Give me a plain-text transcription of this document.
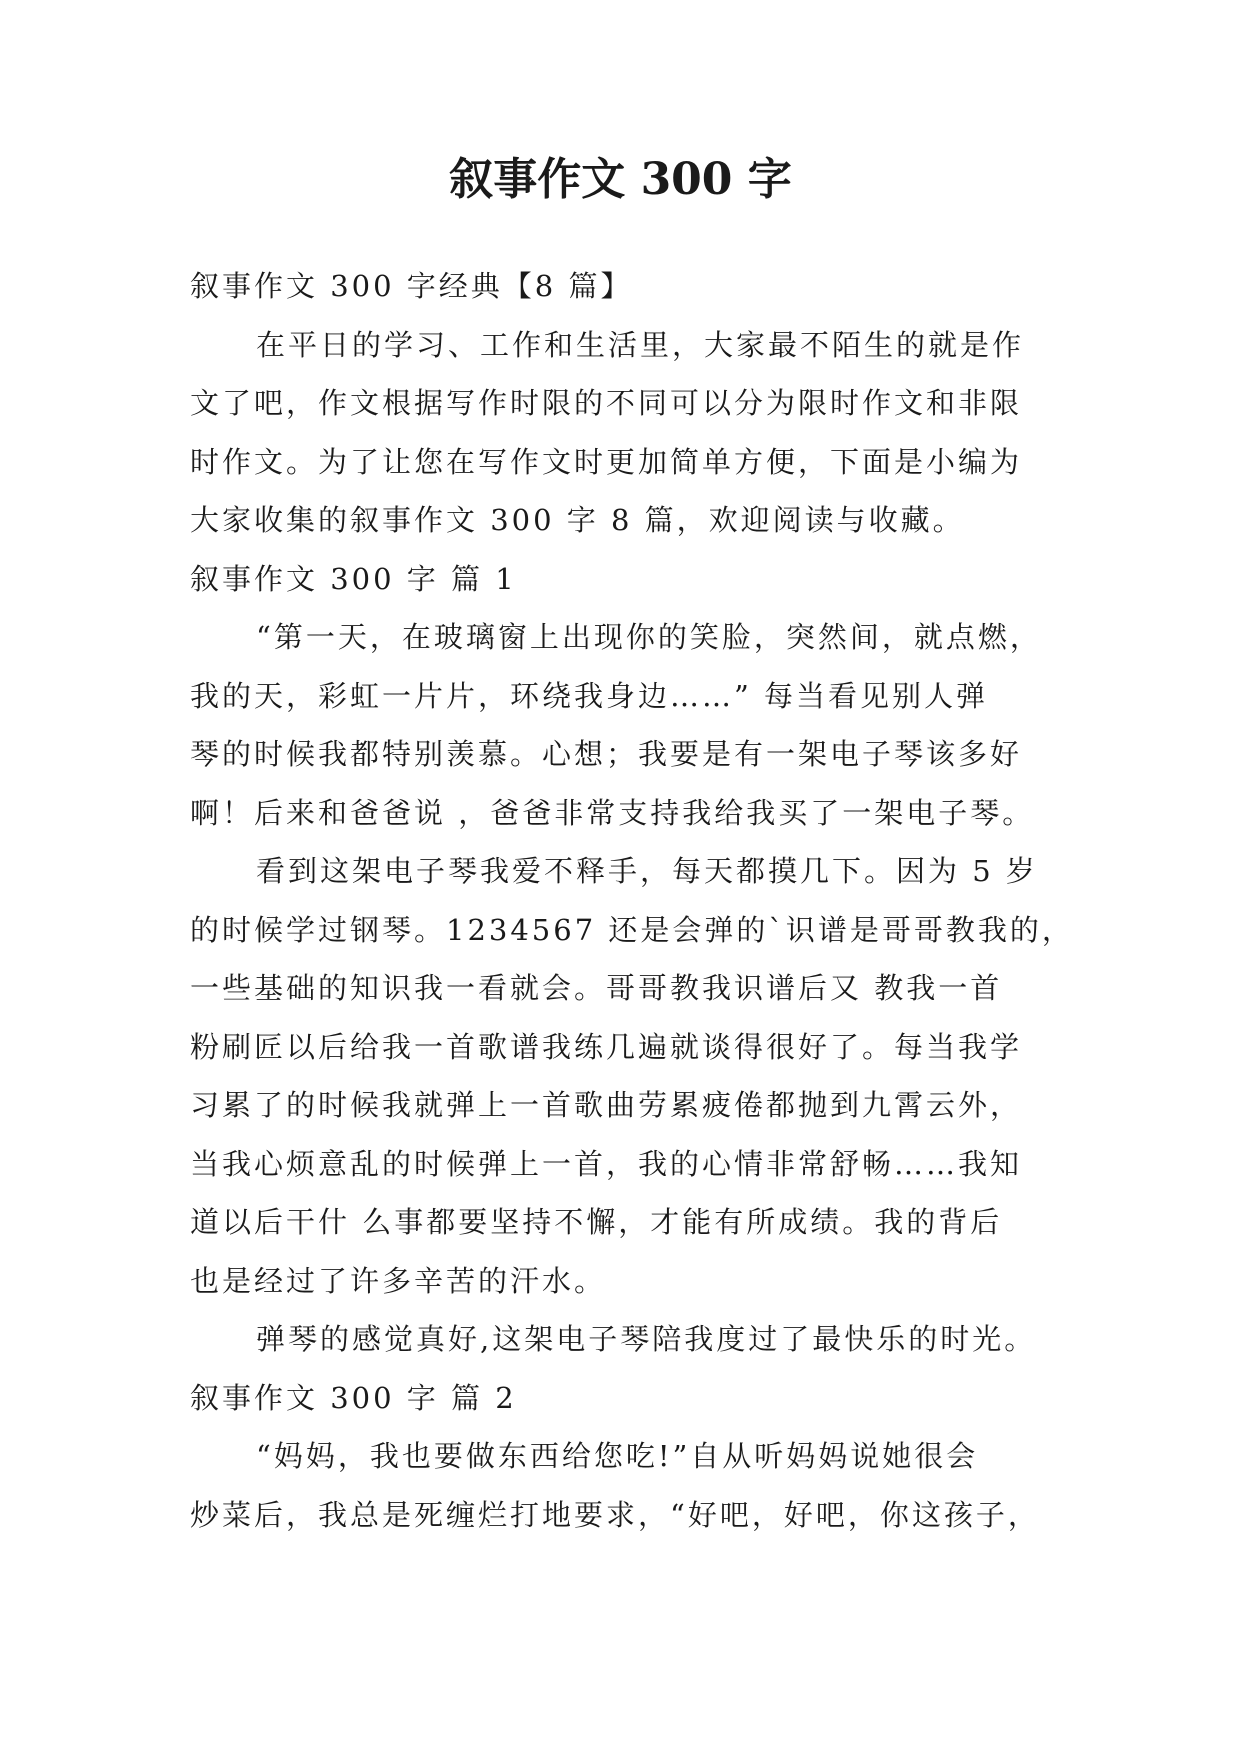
叙事作文 300 字
叙事作文 300 字经典【8 篇】
在平日的学习、工作和生活里，大家最不陌生的就是作
文了吧，作文根据写作时限的不同可以分为限时作文和非限
时作文。为了让您在写作文时更加简单方便，下面是小编为
大家收集的叙事作文 300 字 8 篇，欢迎阅读与收藏。
叙事作文 300 字 篇 1
“第一天，在玻璃窗上出现你的笑脸，突然间，就点燃，
我的天，彩虹一片片，环绕我身边……” 每当看见别人弹
琴的时候我都特别羡慕。心想；我要是有一架电子琴该多好
啊！后来和爸爸说 ，爸爸非常支持我给我买了一架电子琴。
看到这架电子琴我爱不释手，每天都摸几下。因为 5 岁
的时候学过钢琴。1234567 还是会弹的`识谱是哥哥教我的，
一些基础的知识我一看就会。哥哥教我识谱后又 教我一首
粉刷匠以后给我一首歌谱我练几遍就谈得很好了。每当我学
习累了的时候我就弹上一首歌曲劳累疲倦都抛到九霄云外，
当我心烦意乱的时候弹上一首，我的心情非常舒畅……我知
道以后干什 么事都要坚持不懈，才能有所成绩。我的背后
也是经过了许多辛苦的汗水。
弹琴的感觉真好,这架电子琴陪我度过了最快乐的时光。
叙事作文 300 字 篇 2
“妈妈，我也要做东西给您吃!”自从听妈妈说她很会
炒菜后，我总是死缠烂打地要求，“好吧，好吧，你这孩子，
